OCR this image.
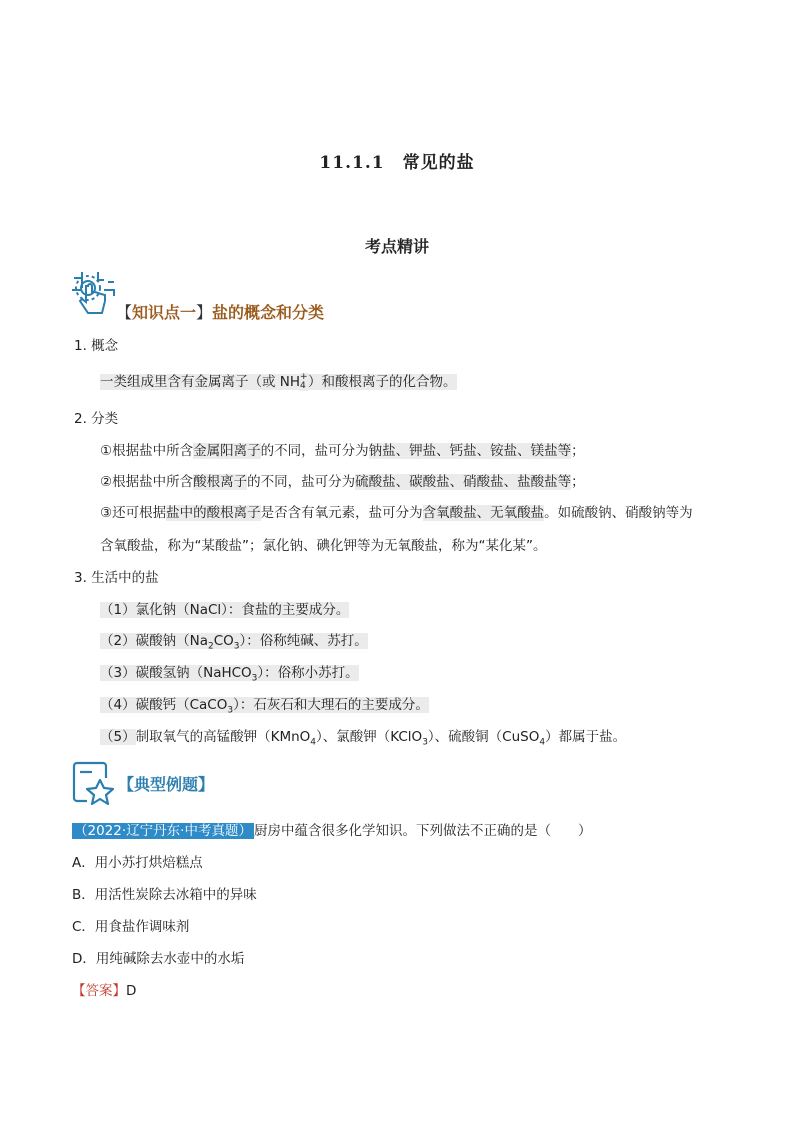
11.1.1　常见的盐
考点精讲
【知识点一】盐的概念和分类
1. 概念
一类组成里含有金属离子（或 NH +
4 ）和酸根离子的化合物。
2. 分类
①根据盐中所含金属阳离子的不同，盐可分为钠盐、钾盐、钙盐、铵盐、镁盐等；
②根据盐中所含酸根离子的不同，盐可分为硫酸盐、碳酸盐、硝酸盐、盐酸盐等；
③还可根据盐中的酸根离子是否含有氧元素，盐可分为含氧酸盐、无氧酸盐。如硫酸钠、硝酸钠等为
含氧酸盐，称为“某酸盐”；氯化钠、碘化钾等为无氧酸盐，称为“某化某”。
3. 生活中的盐
（1）氯化钠（NaCl）：食盐的主要成分。
（2）碳酸钠$(Na_2CO_3)$：俗称纯碱、苏打。
（3）碳酸氢钠（NaHCO$_3$）：俗称小苏打。
（4）碳酸钙（CaCO$_3$）：石灰石和大理石的主要成分。
（5）制取氧气的高锰酸钾（KMnO$_4$）、氯酸钾（KClO$_3$）、硫酸铜（CuSO$_4$）都属于盐。
【典型例题】
（2022·辽宁丹东·中考真题） 厨房中蕴含很多化学知识。下列做法不正确的是（　　）
A．用小苏打烘焙糕点
B．用活性炭除去冰箱中的异味
C．用食盐作调味剂
D．用纯碱除去水壶中的水垢
【答案】D
